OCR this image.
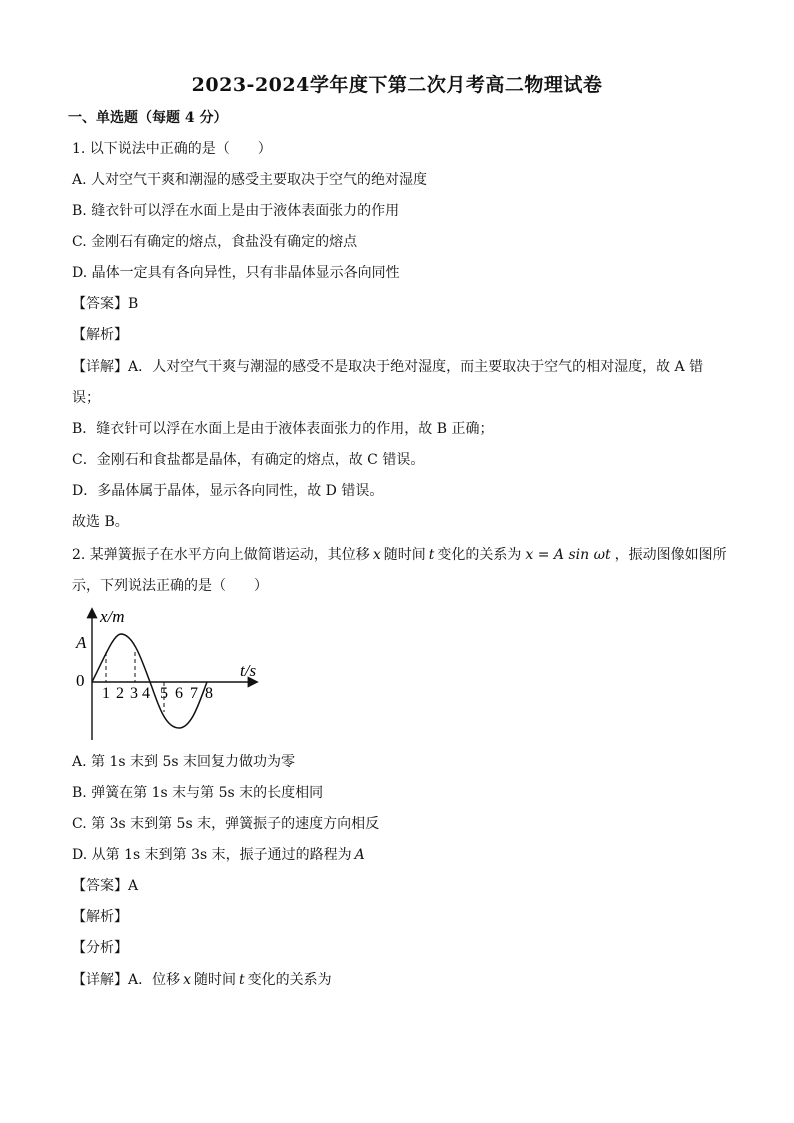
2023-2024学年度下第二次月考高二物理试卷
一、单选题（每题 4 分）
1. 以下说法中正确的是（　　）
A. 人对空气干爽和潮湿的感受主要取决于空气的绝对湿度
B. 缝衣针可以浮在水面上是由于液体表面张力的作用
C. 金刚石有确定的熔点，食盐没有确定的熔点
D. 晶体一定具有各向异性，只有非晶体显示各向同性
【答案】B
【解析】
【详解】A．人对空气干爽与潮湿的感受不是取决于绝对湿度，而主要取决于空气的相对湿度，故 A 错
误；
B．缝衣针可以浮在水面上是由于液体表面张力的作用，故 B 正确；
C．金刚石和食盐都是晶体，有确定的熔点，故 C 错误。
D．多晶体属于晶体，显示各向同性，故 D 错误。
故选 B。
2. 某弹簧振子在水平方向上做简谐运动，其位移 x 随时间 t 变化的关系为 x = A sin ωt ，振动图像如图所
示，下列说法正确的是（　　）
x/m
t/s
A
0
1 2 3 4 5 6 7 8
A. 第 1s 末到 5s 末回复力做功为零
B. 弹簧在第 1s 末与第 5s 末的长度相同
C. 第 3s 末到第 5s 末，弹簧振子的速度方向相反
D. 从第 1s 末到第 3s 末，振子通过的路程为 A
【答案】A
【解析】
【分析】
【详解】A．位移 x 随时间 t 变化的关系为
